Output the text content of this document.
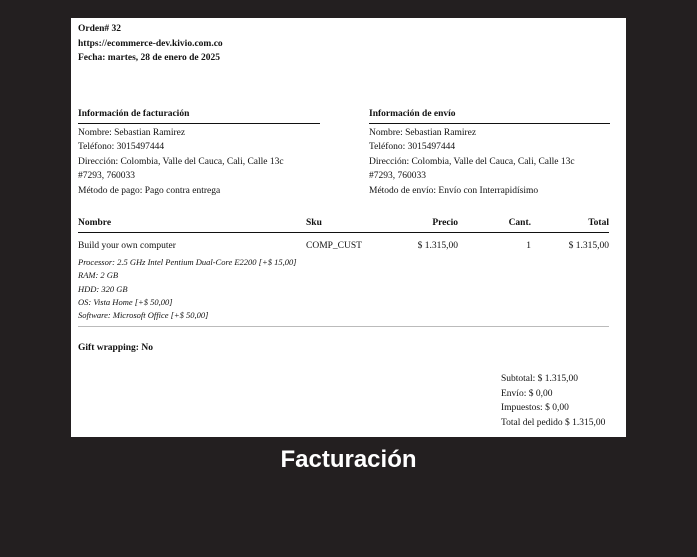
Orden# 32
https://ecommerce-dev.kivio.com.co
Fecha: martes, 28 de enero de 2025
Información de facturación
Nombre: Sebastian Ramirez
Teléfono: 3015497444
Dirección: Colombia, Valle del Cauca, Cali, Calle 13c
#7293, 760033
Método de pago: Pago contra entrega
Información de envío
Nombre: Sebastian Ramirez
Teléfono: 3015497444
Dirección: Colombia, Valle del Cauca, Cali, Calle 13c
#7293, 760033
Método de envío: Envío con Interrapidísimo
Nombre	Sku	Precio	Cant.	Total
Build your own computer	COMP_CUST	$ 1.315,00	1	$ 1.315,00
Processor: 2.5 GHz Intel Pentium Dual-Core E2200 [+$ 15,00]
RAM: 2 GB
HDD: 320 GB
OS: Vista Home [+$ 50,00]
Software: Microsoft Office [+$ 50,00]
Gift wrapping: No
Subtotal: $ 1.315,00
Envío: $ 0,00
Impuestos: $ 0,00
Total del pedido $ 1.315,00
Facturación
